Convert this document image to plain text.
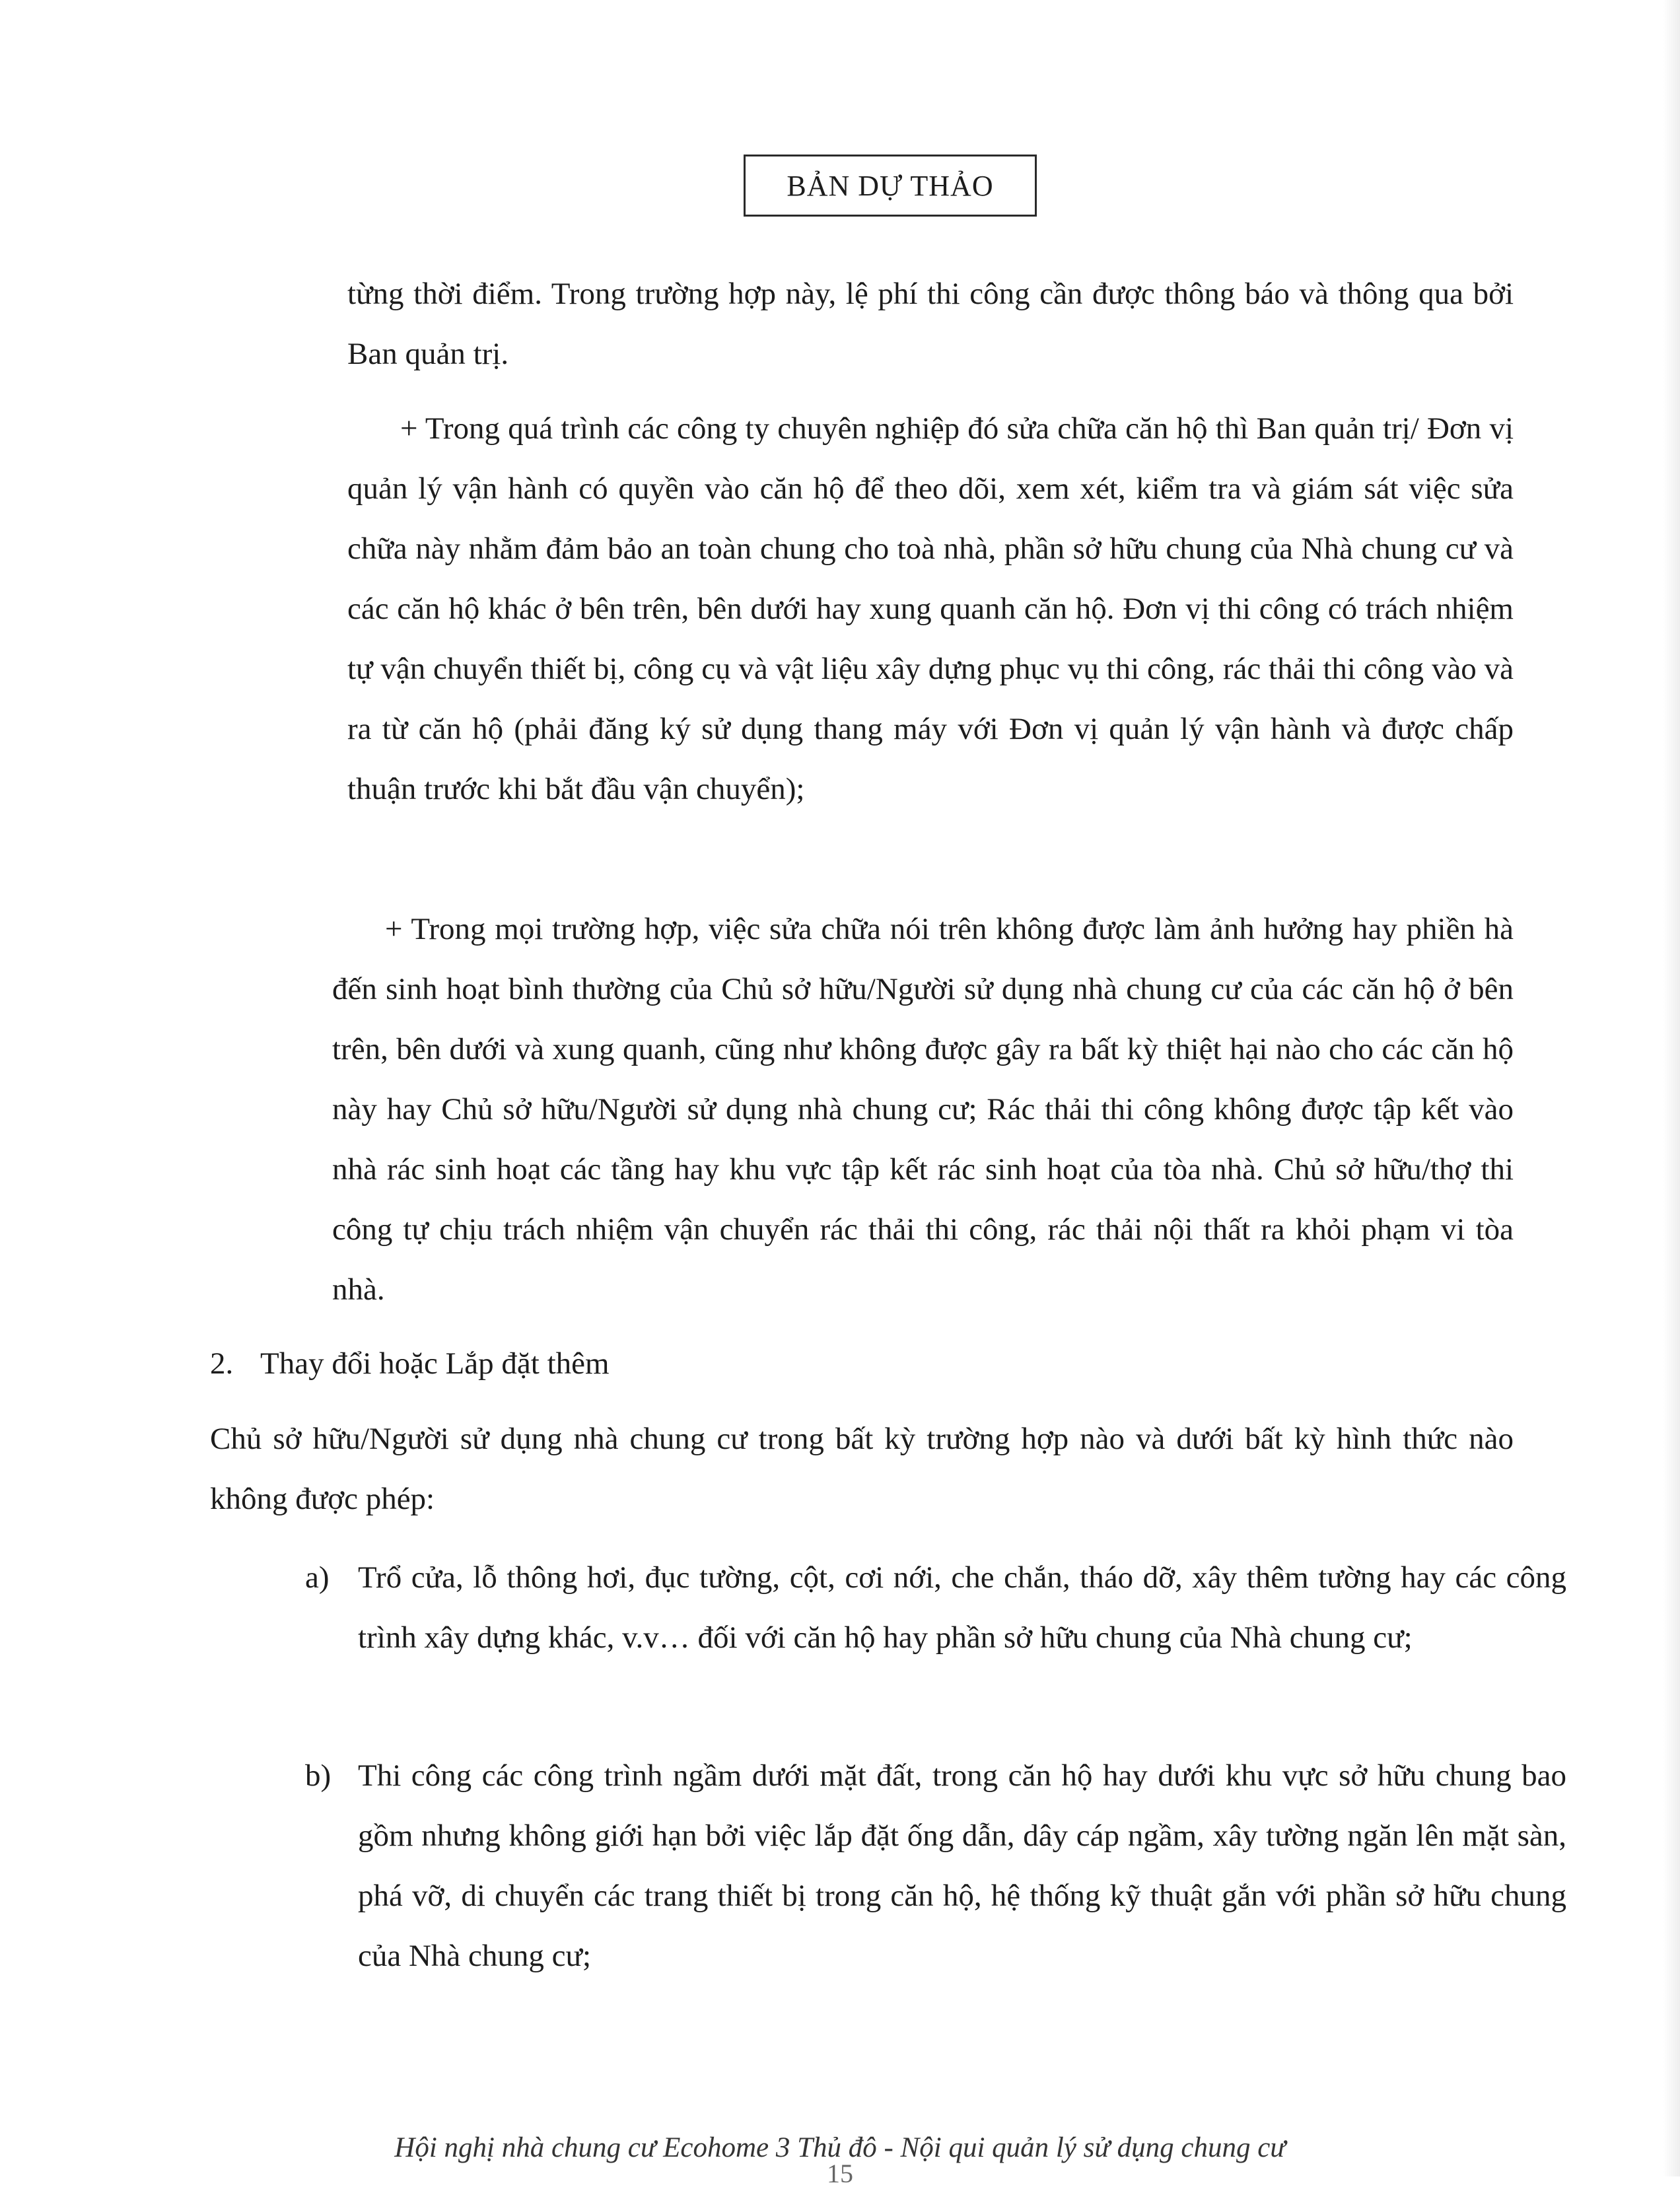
BẢN DỰ THẢO

từng thời điểm. Trong trường hợp này, lệ phí thi công cần được thông báo và thông qua bởi Ban quản trị.

+ Trong quá trình các công ty chuyên nghiệp đó sửa chữa căn hộ thì Ban quản trị/ Đơn vị quản lý vận hành có quyền vào căn hộ để theo dõi, xem xét, kiểm tra và giám sát việc sửa chữa này nhằm đảm bảo an toàn chung cho toà nhà, phần sở hữu chung của Nhà chung cư và các căn hộ khác ở bên trên, bên dưới hay xung quanh căn hộ. Đơn vị thi công có trách nhiệm tự vận chuyển thiết bị, công cụ và vật liệu xây dựng phục vụ thi công, rác thải thi công vào và ra từ căn hộ (phải đăng ký sử dụng thang máy với Đơn vị quản lý vận hành và được chấp thuận trước khi bắt đầu vận chuyển);

+ Trong mọi trường hợp, việc sửa chữa nói trên không được làm ảnh hưởng hay phiền hà đến sinh hoạt bình thường của Chủ sở hữu/Người sử dụng nhà chung cư của các căn hộ ở bên trên, bên dưới và xung quanh, cũng như không được gây ra bất kỳ thiệt hại nào cho các căn hộ này hay Chủ sở hữu/Người sử dụng nhà chung cư; Rác thải thi công không được tập kết vào nhà rác sinh hoạt các tầng hay khu vực tập kết rác sinh hoạt của tòa nhà. Chủ sở hữu/thợ thi công tự chịu trách nhiệm vận chuyển rác thải thi công, rác thải nội thất ra khỏi phạm vi tòa nhà.

2. Thay đổi hoặc Lắp đặt thêm

Chủ sở hữu/Người sử dụng nhà chung cư trong bất kỳ trường hợp nào và dưới bất kỳ hình thức nào không được phép:

a) Trổ cửa, lỗ thông hơi, đục tường, cột, cơi nới, che chắn, tháo dỡ, xây thêm tường hay các công trình xây dựng khác, v.v… đối với căn hộ hay phần sở hữu chung của Nhà chung cư;
b) Thi công các công trình ngầm dưới mặt đất, trong căn hộ hay dưới khu vực sở hữu chung bao gồm nhưng không giới hạn bởi việc lắp đặt ống dẫn, dây cáp ngầm, xây tường ngăn lên mặt sàn, phá vỡ, di chuyển các trang thiết bị trong căn hộ, hệ thống kỹ thuật gắn với phần sở hữu chung của Nhà chung cư;
Hội nghị nhà chung cư Ecohome 3 Thủ đô - Nội qui quản lý sử dụng chung cư
15
